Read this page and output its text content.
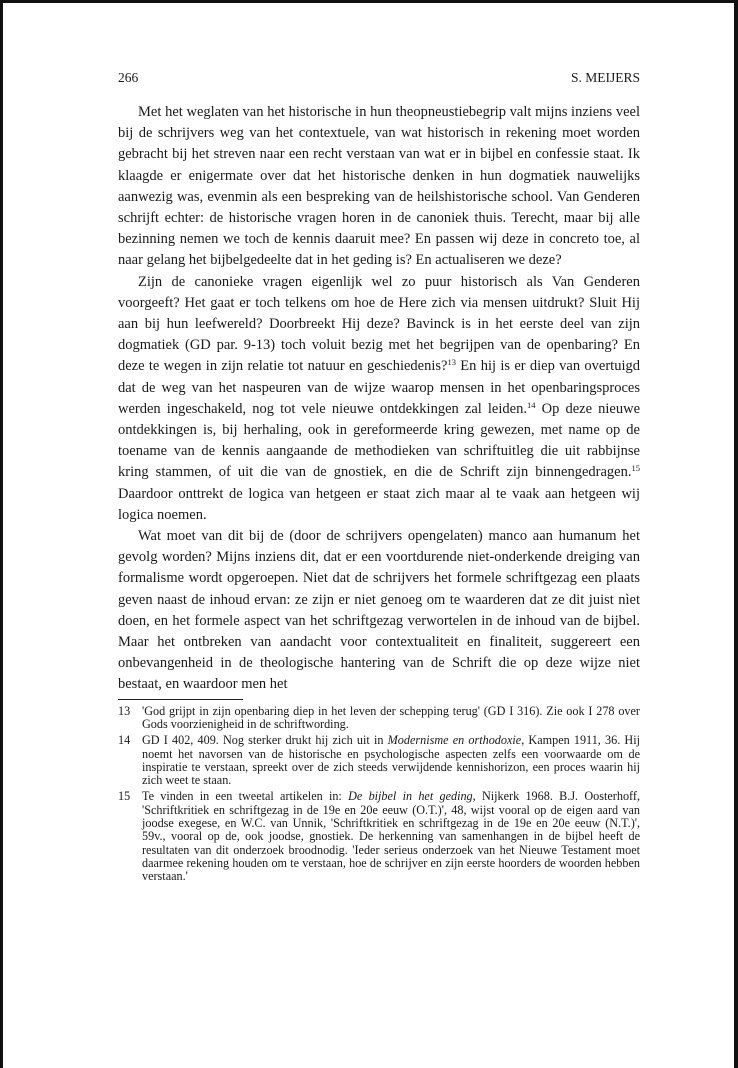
266	S. MEIJERS

Met het weglaten van het historische in hun theopneustiebegrip valt mijns inziens veel bij de schrijvers weg van het contextuele, van wat historisch in rekening moet worden gebracht bij het streven naar een recht verstaan van wat er in bijbel en confessie staat. Ik klaagde er enigermate over dat het historische denken in hun dogmatiek nauwelijks aanwezig was, evenmin als een bespreking van de heilshistorische school. Van Genderen schrijft echter: de historische vragen horen in de canoniek thuis. Terecht, maar bij alle bezinning nemen we toch de kennis daaruit mee? En passen wij deze in concreto toe, al naar gelang het bijbelgedeelte dat in het geding is? En actualiseren we deze?

Zijn de canonieke vragen eigenlijk wel zo puur historisch als Van Genderen voorgeeft? Het gaat er toch telkens om hoe de Here zich via mensen uitdrukt? Sluit Hij aan bij hun leefwereld? Doorbreekt Hij deze? Bavinck is in het eerste deel van zijn dogmatiek (GD par. 9-13) toch voluit bezig met het begrijpen van de openbaring? En deze te wegen in zijn relatie tot natuur en geschiedenis?$^{13}$ En hij is er diep van overtuigd dat de weg van het naspeuren van de wijze waarop mensen in het openbaringsproces werden ingeschakeld, nog tot vele nieuwe ontdekkingen zal leiden.$^{14}$ Op deze nieuwe ontdekkingen is, bij herhaling, ook in gereformeerde kring gewezen, met name op de toename van de kennis aangaande de methodieken van schriftuitleg die uit rabbijnse kring stammen, of uit die van de gnostiek, en die de Schrift zijn binnengedragen.$^{15}$ Daardoor onttrekt de logica van hetgeen er staat zich maar al te vaak aan hetgeen wij logica noemen.

Wat moet van dit bij de (door de schrijvers opengelaten) manco aan humanum het gevolg worden? Mijns inziens dit, dat er een voortdurende niet-onderkende dreiging van formalisme wordt opgeroepen. Niet dat de schrijvers het formele schriftgezag een plaats geven naast de inhoud ervan: ze zijn er niet genoeg om te waarderen dat ze dit juist nìet doen, en het formele aspect van het schriftgezag verwortelen in de inhoud van de bijbel. Maar het ontbreken van aandacht voor contextualiteit en finaliteit, suggereert een onbevangenheid in de theologische hantering van de Schrift die op deze wijze niet bestaat, en waardoor men het

13 'God grijpt in zijn openbaring diep in het leven der schepping terug' (GD I 316). Zie ook I 278 over Gods voorzienigheid in de schriftwording.
14 GD I 402, 409. Nog sterker drukt hij zich uit in Modernisme en orthodoxie, Kampen 1911, 36. Hij noemt het navorsen van de historische en psychologische aspecten zelfs een voorwaarde om de inspiratie te verstaan, spreekt over de zich steeds verwijdende kennishorizon, een proces waarin hij zich weet te staan.
15 Te vinden in een tweetal artikelen in: De bijbel in het geding, Nijkerk 1968. B.J. Oosterhoff, 'Schriftkritiek en schriftgezag in de 19e en 20e eeuw (O.T.)', 48, wijst vooral op de eigen aard van joodse exegese, en W.C. van Unnik, 'Schriftkritiek en schriftgezag in de 19e en 20e eeuw (N.T.)', 59v., vooral op de, ook joodse, gnostiek. De herkenning van samenhangen in de bijbel heeft de resultaten van dit onderzoek broodnodig. 'Ieder serieus onderzoek van het Nieuwe Testament moet daarmee rekening houden om te verstaan, hoe de schrijver en zijn eerste hoorders de woorden hebben verstaan.'
